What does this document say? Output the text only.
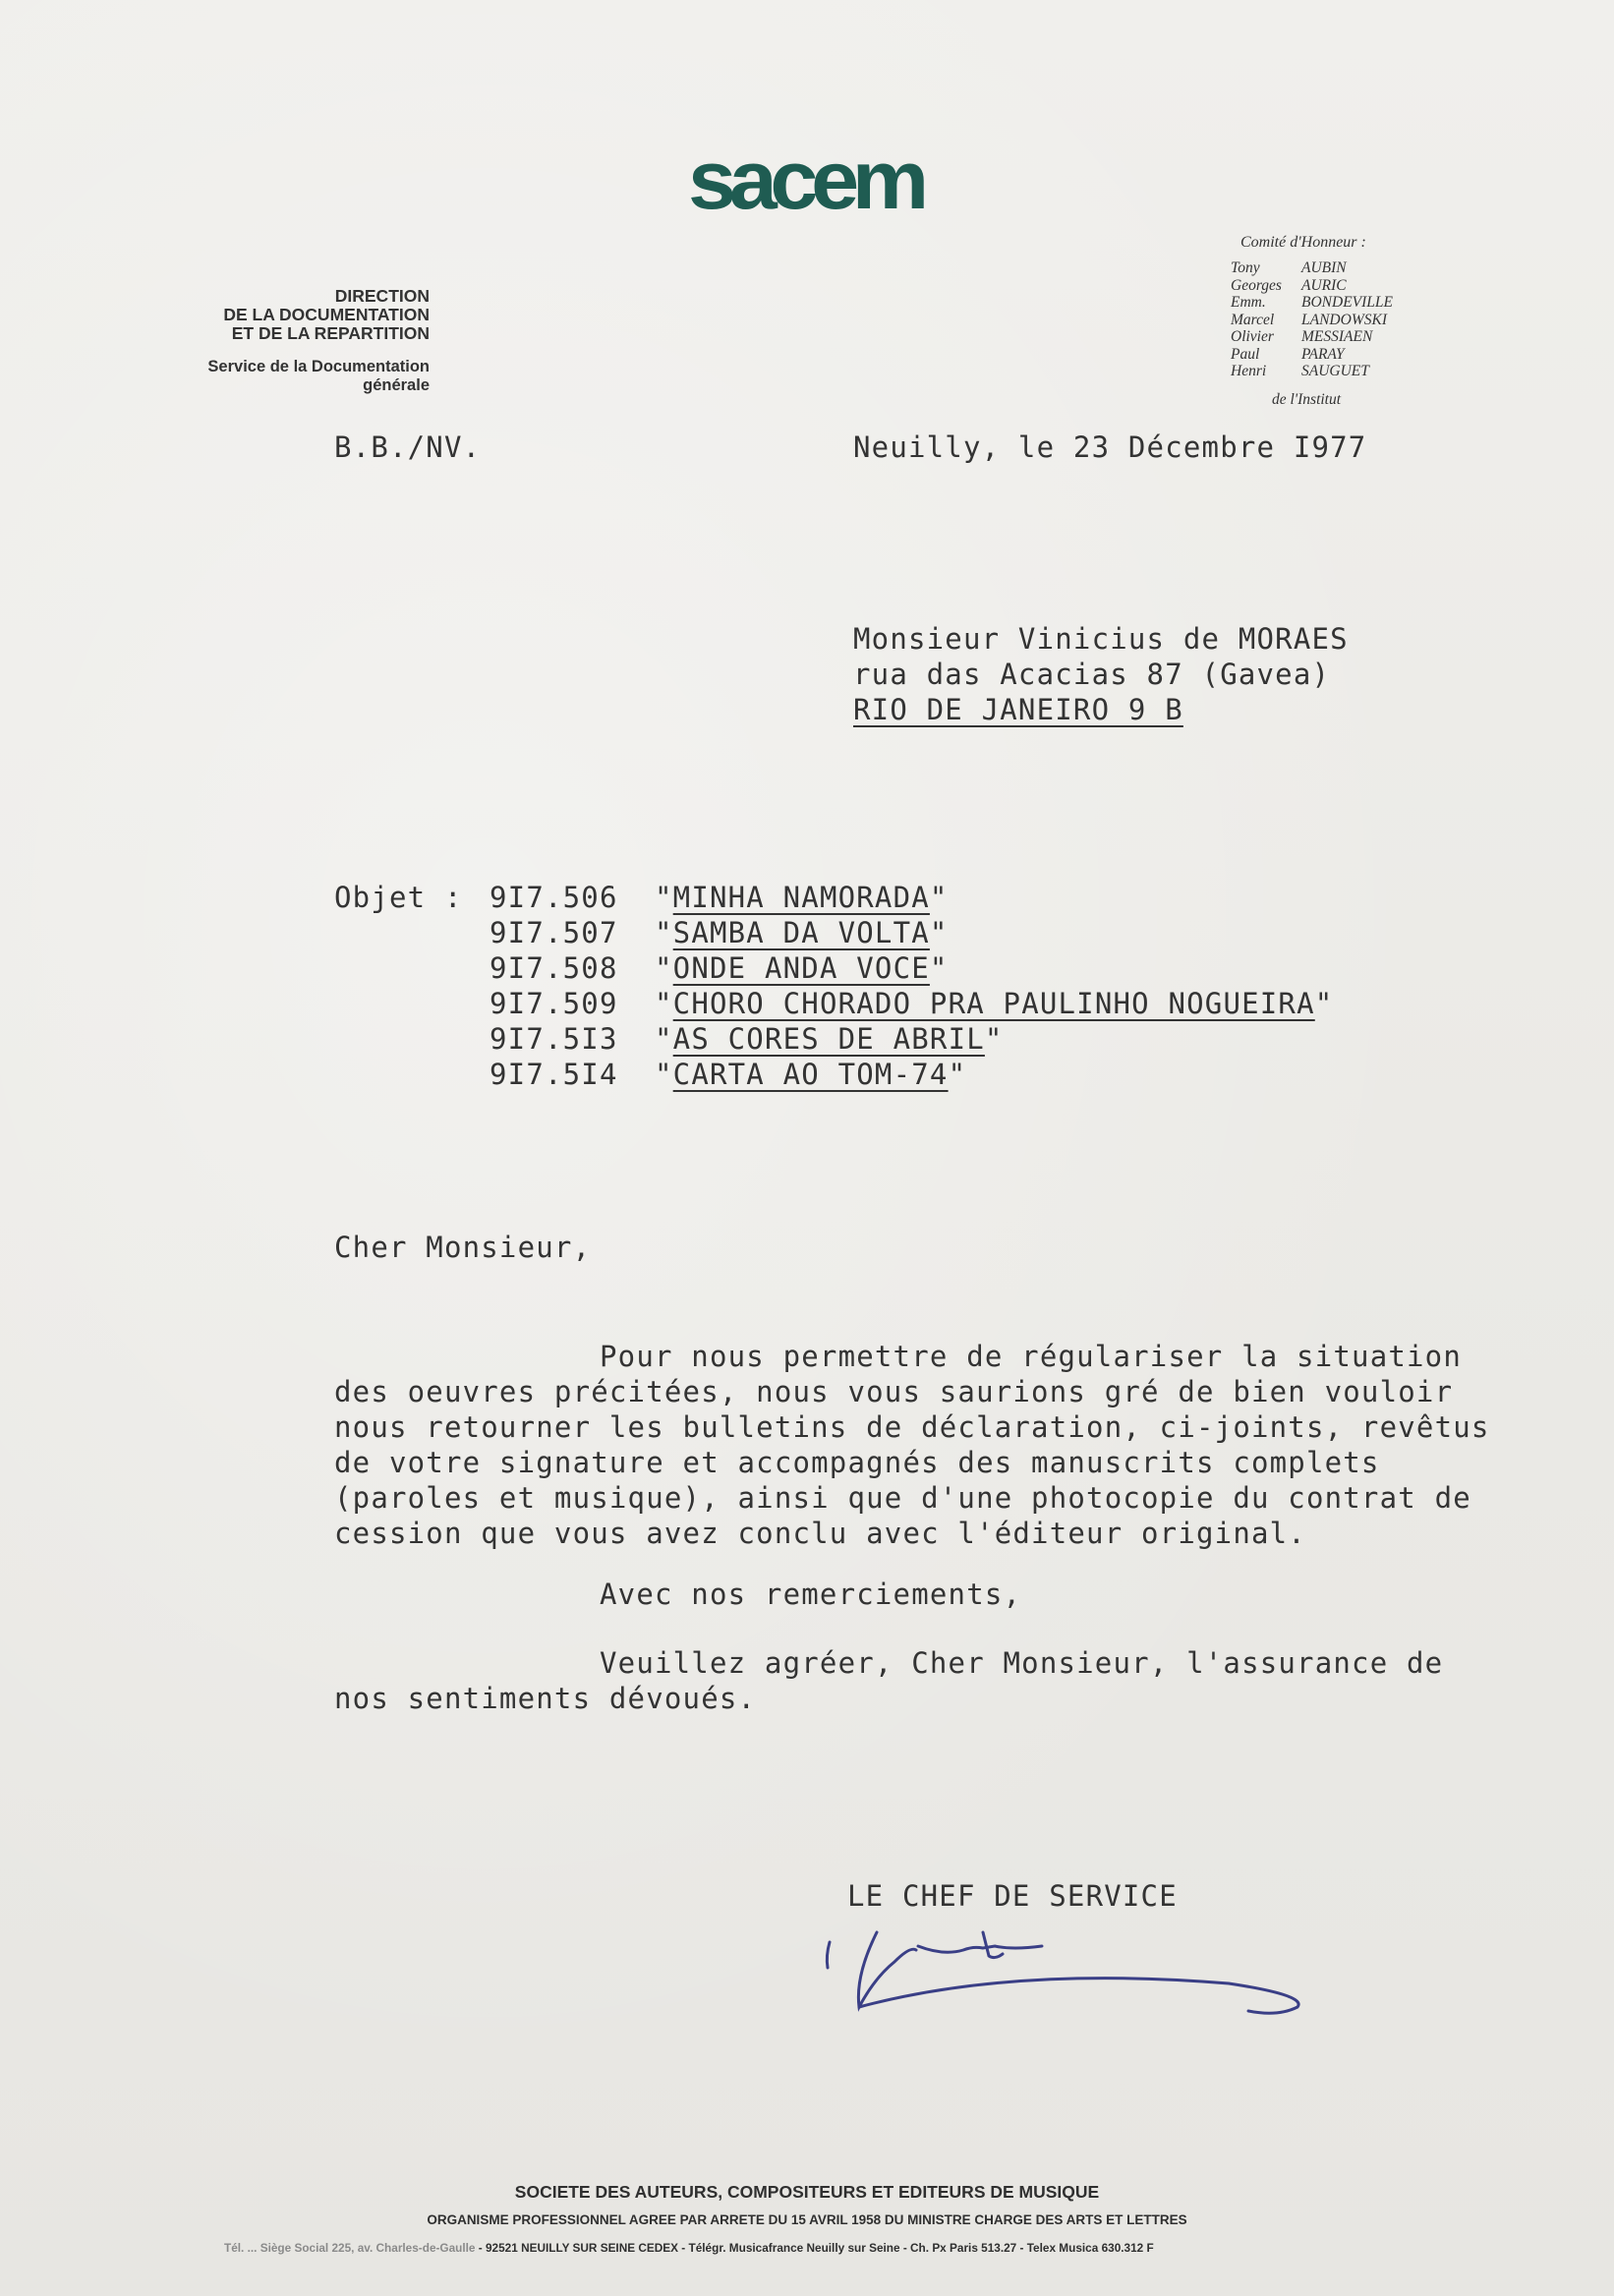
sacem
DIRECTION
DE LA DOCUMENTATION
ET DE LA REPARTITION
Service de la Documentation
générale
Comité d'Honneur :
Tony	AUBIN
Georges	AURIC
Emm.	BONDEVILLE
Marcel	LANDOWSKI
Olivier	MESSIAEN
Paul	PARAY
Henri	SAUGUET
de l'Institut
B.B./NV.	Neuilly, le 23 Décembre I977
Monsieur Vinicius de MORAES
rua das Acacias 87 (Gavea)
RIO DE JANEIRO 9 B
Objet : 9I7.506	"MINHA NAMORADA"
9I7.507	"SAMBA DA VOLTA"
9I7.508	"ONDE ANDA VOCE"
9I7.509	"CHORO CHORADO PRA PAULINHO NOGUEIRA"
9I7.5I3	"AS CORES DE ABRIL"
9I7.5I4	"CARTA AO TOM-74"
Cher Monsieur,
Pour nous permettre de régulariser la situation
des oeuvres précitées, nous vous saurions gré de bien vouloir
nous retourner les bulletins de déclaration, ci-joints, revêtus
de votre signature et accompagnés des manuscrits complets
(paroles et musique), ainsi que d'une photocopie du contrat de
cession que vous avez conclu avec l'éditeur original.
Avec nos remerciements,
Veuillez agréer, Cher Monsieur, l'assurance de
nos sentiments dévoués.
LE CHEF DE SERVICE
SOCIETE DES AUTEURS, COMPOSITEURS ET EDITEURS DE MUSIQUE
ORGANISME PROFESSIONNEL AGREE PAR ARRETE DU 15 AVRIL 1958 DU MINISTRE CHARGE DES ARTS ET LETTRES
Tél. ... Siège Social 225, av. Charles-de-Gaulle - 92521 NEUILLY SUR SEINE CEDEX - Télégr. Musicafrance Neuilly sur Seine - Ch. Px Paris 513.27 - Telex Musica 630.312 F
